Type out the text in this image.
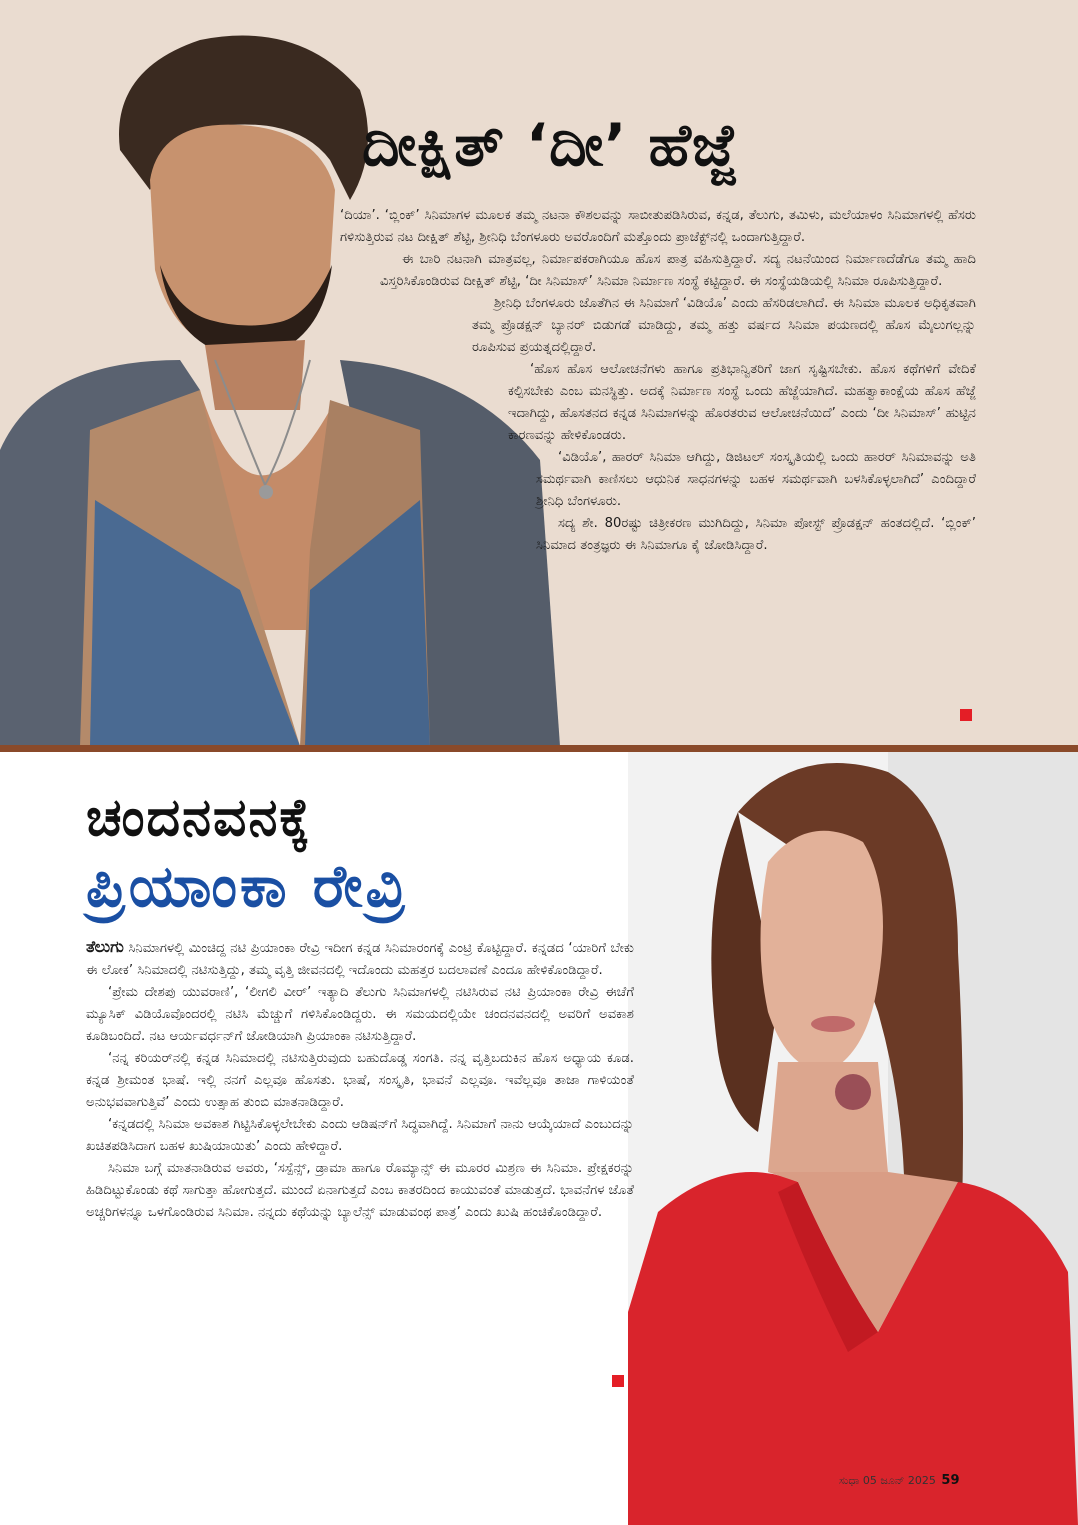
ದೀಕ್ಷಿತ್ ‘ದೀ’ ಹೆಜ್ಜೆ

‘ದಿಯಾ’. ‘ಬ್ಲಿಂಕ್’ ಸಿನಿಮಾಗಳ ಮೂಲಕ ತಮ್ಮ ನಟನಾ ಕೌಶಲವನ್ನು ಸಾಬೀತುಪಡಿಸಿರುವ, ಕನ್ನಡ, ತೆಲುಗು, ತಮಿಳು, ಮಲೆಯಾಳಂ ಸಿನಿಮಾಗಳಲ್ಲಿ ಹೆಸರು ಗಳಿಸುತ್ತಿರುವ ನಟ ದೀಕ್ಷಿತ್ ಶೆಟ್ಟಿ, ಶ್ರೀನಿಧಿ ಬೆಂಗಳೂರು ಅವರೊಂದಿಗೆ ಮತ್ತೊಂದು ಪ್ರಾಜೆಕ್ಟ್‌ನಲ್ಲಿ ಒಂದಾಗುತ್ತಿದ್ದಾರೆ.

ಈ ಬಾರಿ ನಟನಾಗಿ ಮಾತ್ರವಲ್ಲ, ನಿರ್ಮಾಪಕರಾಗಿಯೂ ಹೊಸ ಪಾತ್ರ ವಹಿಸುತ್ತಿದ್ದಾರೆ. ಸದ್ಯ ನಟನೆಯಿಂದ ನಿರ್ಮಾಣದೆಡೆಗೂ ತಮ್ಮ ಹಾದಿ ವಿಸ್ತರಿಸಿಕೊಂಡಿರುವ ದೀಕ್ಷಿತ್ ಶೆಟ್ಟಿ, ‘ದೀ ಸಿನಿಮಾಸ್’ ಸಿನಿಮಾ ನಿರ್ಮಾಣ ಸಂಸ್ಥೆ ಕಟ್ಟಿದ್ದಾರೆ. ಈ ಸಂಸ್ಥೆಯಡಿಯಲ್ಲಿ ಸಿನಿಮಾ ರೂಪಿಸುತ್ತಿದ್ದಾರೆ.

ಶ್ರೀನಿಧಿ ಬೆಂಗಳೂರು ಜೊತೆಗಿನ ಈ ಸಿನಿಮಾಗೆ ‘ವಿಡಿಯೊ’ ಎಂದು ಹೆಸರಿಡಲಾಗಿದೆ. ಈ ಸಿನಿಮಾ ಮೂಲಕ ಅಧಿಕೃತವಾಗಿ ತಮ್ಮ ಪ್ರೊಡಕ್ಷನ್ ಬ್ಯಾನರ್ ಬಿಡುಗಡೆ ಮಾಡಿದ್ದು, ತಮ್ಮ ಹತ್ತು ವರ್ಷದ ಸಿನಿಮಾ ಪಯಣದಲ್ಲಿ ಹೊಸ ಮೈಲುಗಲ್ಲನ್ನು ರೂಪಿಸುವ ಪ್ರಯತ್ನದಲ್ಲಿದ್ದಾರೆ.

‘ಹೊಸ ಹೊಸ ಆಲೋಚನೆಗಳು ಹಾಗೂ ಪ್ರತಿಭಾನ್ವಿತರಿಗೆ ಜಾಗ ಸೃಷ್ಟಿಸಬೇಕು. ಹೊಸ ಕಥೆಗಳಿಗೆ ವೇದಿಕೆ ಕಲ್ಪಿಸಬೇಕು ಎಂಬ ಮನಸ್ಥಿತ್ತು. ಅದಕ್ಕೆ ನಿರ್ಮಾಣ ಸಂಸ್ಥೆ ಒಂದು ಹೆಜ್ಜೆಯಾಗಿದೆ. ಮಹತ್ವಾಕಾಂಕ್ಷೆಯ ಹೊಸ ಹೆಜ್ಜೆ ಇದಾಗಿದ್ದು, ಹೊಸತನದ ಕನ್ನಡ ಸಿನಿಮಾಗಳನ್ನು ಹೊರತರುವ ಆಲೋಚನೆಯಿದೆ’ ಎಂದು ‘ದೀ ಸಿನಿಮಾಸ್’ ಹುಟ್ಟಿನ ಕಾರಣವನ್ನು ಹೇಳಿಕೊಂಡರು.

‘ವಿಡಿಯೊ’, ಹಾರರ್ ಸಿನಿಮಾ ಆಗಿದ್ದು, ಡಿಜಿಟಲ್ ಸಂಸ್ಕೃತಿಯಲ್ಲಿ ಒಂದು ಹಾರರ್ ಸಿನಿಮಾವನ್ನು ಅತಿ ಸಮರ್ಥವಾಗಿ ಕಾಣಿಸಲು ಆಧುನಿಕ ಸಾಧನಗಳನ್ನು ಬಹಳ ಸಮರ್ಥವಾಗಿ ಬಳಸಿಕೊಳ್ಳಲಾಗಿದೆ’ ಎಂದಿದ್ದಾರೆ ಶ್ರೀನಿಧಿ ಬೆಂಗಳೂರು.

ಸದ್ಯ ಶೇ. 80ರಷ್ಟು ಚಿತ್ರೀಕರಣ ಮುಗಿದಿದ್ದು, ಸಿನಿಮಾ ಪೋಸ್ಟ್ ಪ್ರೊಡಕ್ಷನ್ ಹಂತದಲ್ಲಿದೆ. ‘ಬ್ಲಿಂಕ್’ ಸಿನಿಮಾದ ತಂತ್ರಜ್ಞರು ಈ ಸಿನಿಮಾಗೂ ಕೈ ಜೋಡಿಸಿದ್ದಾರೆ.

ಚಂದನವನಕ್ಕೆ
ಪ್ರಿಯಾಂಕಾ ರೇವ್ರಿ

ತೆಲುಗು ಸಿನಿಮಾಗಳಲ್ಲಿ ಮಿಂಚಿದ್ದ ನಟಿ ಪ್ರಿಯಾಂಕಾ ರೇವ್ರಿ ಇದೀಗ ಕನ್ನಡ ಸಿನಿಮಾರಂಗಕ್ಕೆ ಎಂಟ್ರಿ ಕೊಟ್ಟಿದ್ದಾರೆ. ಕನ್ನಡದ ‘ಯಾರಿಗೆ ಬೇಕು ಈ ಲೋಕ’ ಸಿನಿಮಾದಲ್ಲಿ ನಟಿಸುತ್ತಿದ್ದು, ತಮ್ಮ ವೃತ್ತಿ ಜೀವನದಲ್ಲಿ ಇದೊಂದು ಮಹತ್ತರ ಬದಲಾವಣೆ ಎಂದೂ ಹೇಳಿಕೊಂಡಿದ್ದಾರೆ.

‘ಪ್ರೇಮ ದೇಶಪು ಯುವರಾಣಿ’, ‘ಲೀಗಲಿ ವೀರ್’ ಇತ್ಯಾದಿ ತೆಲುಗು ಸಿನಿಮಾಗಳಲ್ಲಿ ನಟಿಸಿರುವ ನಟಿ ಪ್ರಿಯಾಂಕಾ ರೇವ್ರಿ ಈಚೆಗೆ ಮ್ಯೂಸಿಕ್ ವಿಡಿಯೊವೊಂದರಲ್ಲಿ ನಟಿಸಿ ಮೆಚ್ಚುಗೆ ಗಳಿಸಿಕೊಂಡಿದ್ದರು. ಈ ಸಮಯದಲ್ಲಿಯೇ ಚಂದನವನದಲ್ಲಿ ಅವರಿಗೆ ಅವಕಾಶ ಕೂಡಿಬಂದಿದೆ. ನಟ ಆರ್ಯವರ್ಧನ್‌ಗೆ ಜೋಡಿಯಾಗಿ ಪ್ರಿಯಾಂಕಾ ನಟಿಸುತ್ತಿದ್ದಾರೆ.

‘ನನ್ನ ಕರಿಯರ್‌ನಲ್ಲಿ ಕನ್ನಡ ಸಿನಿಮಾದಲ್ಲಿ ನಟಿಸುತ್ತಿರುವುದು ಬಹುದೊಡ್ಡ ಸಂಗತಿ. ನನ್ನ ವೃತ್ತಿಬದುಕಿನ ಹೊಸ ಅಧ್ಯಾಯ ಕೂಡ. ಕನ್ನಡ ಶ್ರೀಮಂತ ಭಾಷೆ. ಇಲ್ಲಿ ನನಗೆ ಎಲ್ಲವೂ ಹೊಸತು. ಭಾಷೆ, ಸಂಸ್ಕೃತಿ, ಭಾವನೆ ಎಲ್ಲವೂ. ಇವೆಲ್ಲವೂ ತಾಜಾ ಗಾಳಿಯಂತೆ ಅನುಭವವಾಗುತ್ತಿವೆ’ ಎಂದು ಉತ್ಸಾಹ ತುಂಬಿ ಮಾತನಾಡಿದ್ದಾರೆ.

‘ಕನ್ನಡದಲ್ಲಿ ಸಿನಿಮಾ ಅವಕಾಶ ಗಿಟ್ಟಿಸಿಕೊಳ್ಳಲೇಬೇಕು ಎಂದು ಆಡಿಷನ್‌ಗೆ ಸಿದ್ಧವಾಗಿದ್ದೆ. ಸಿನಿಮಾಗೆ ನಾನು ಆಯ್ಕೆಯಾದೆ ಎಂಬುದನ್ನು ಖಚಿತಪಡಿಸಿದಾಗ ಬಹಳ ಖುಷಿಯಾಯಿತು’ ಎಂದು ಹೇಳಿದ್ದಾರೆ.

ಸಿನಿಮಾ ಬಗ್ಗೆ ಮಾತನಾಡಿರುವ ಅವರು, ‘ಸಸ್ಪೆನ್ಸ್, ಡ್ರಾಮಾ ಹಾಗೂ ರೊಮ್ಯಾನ್ಸ್ ಈ ಮೂರರ ಮಿಶ್ರಣ ಈ ಸಿನಿಮಾ. ಪ್ರೇಕ್ಷಕರನ್ನು ಹಿಡಿದಿಟ್ಟುಕೊಂಡು ಕಥೆ ಸಾಗುತ್ತಾ ಹೋಗುತ್ತದೆ. ಮುಂದೆ ಏನಾಗುತ್ತದೆ ಎಂಬ ಕಾತರದಿಂದ ಕಾಯುವಂತೆ ಮಾಡುತ್ತದೆ. ಭಾವನೆಗಳ ಜೊತೆ ಅಚ್ಚರಿಗಳನ್ನೂ ಒಳಗೊಂಡಿರುವ ಸಿನಿಮಾ. ನನ್ನದು ಕಥೆಯನ್ನು ಬ್ಯಾಲೆನ್ಸ್ ಮಾಡುವಂಥ ಪಾತ್ರ’ ಎಂದು ಖುಷಿ ಹಂಚಿಕೊಂಡಿದ್ದಾರೆ.

ಸುಧಾ 05 ಜೂನ್ 2025 59
